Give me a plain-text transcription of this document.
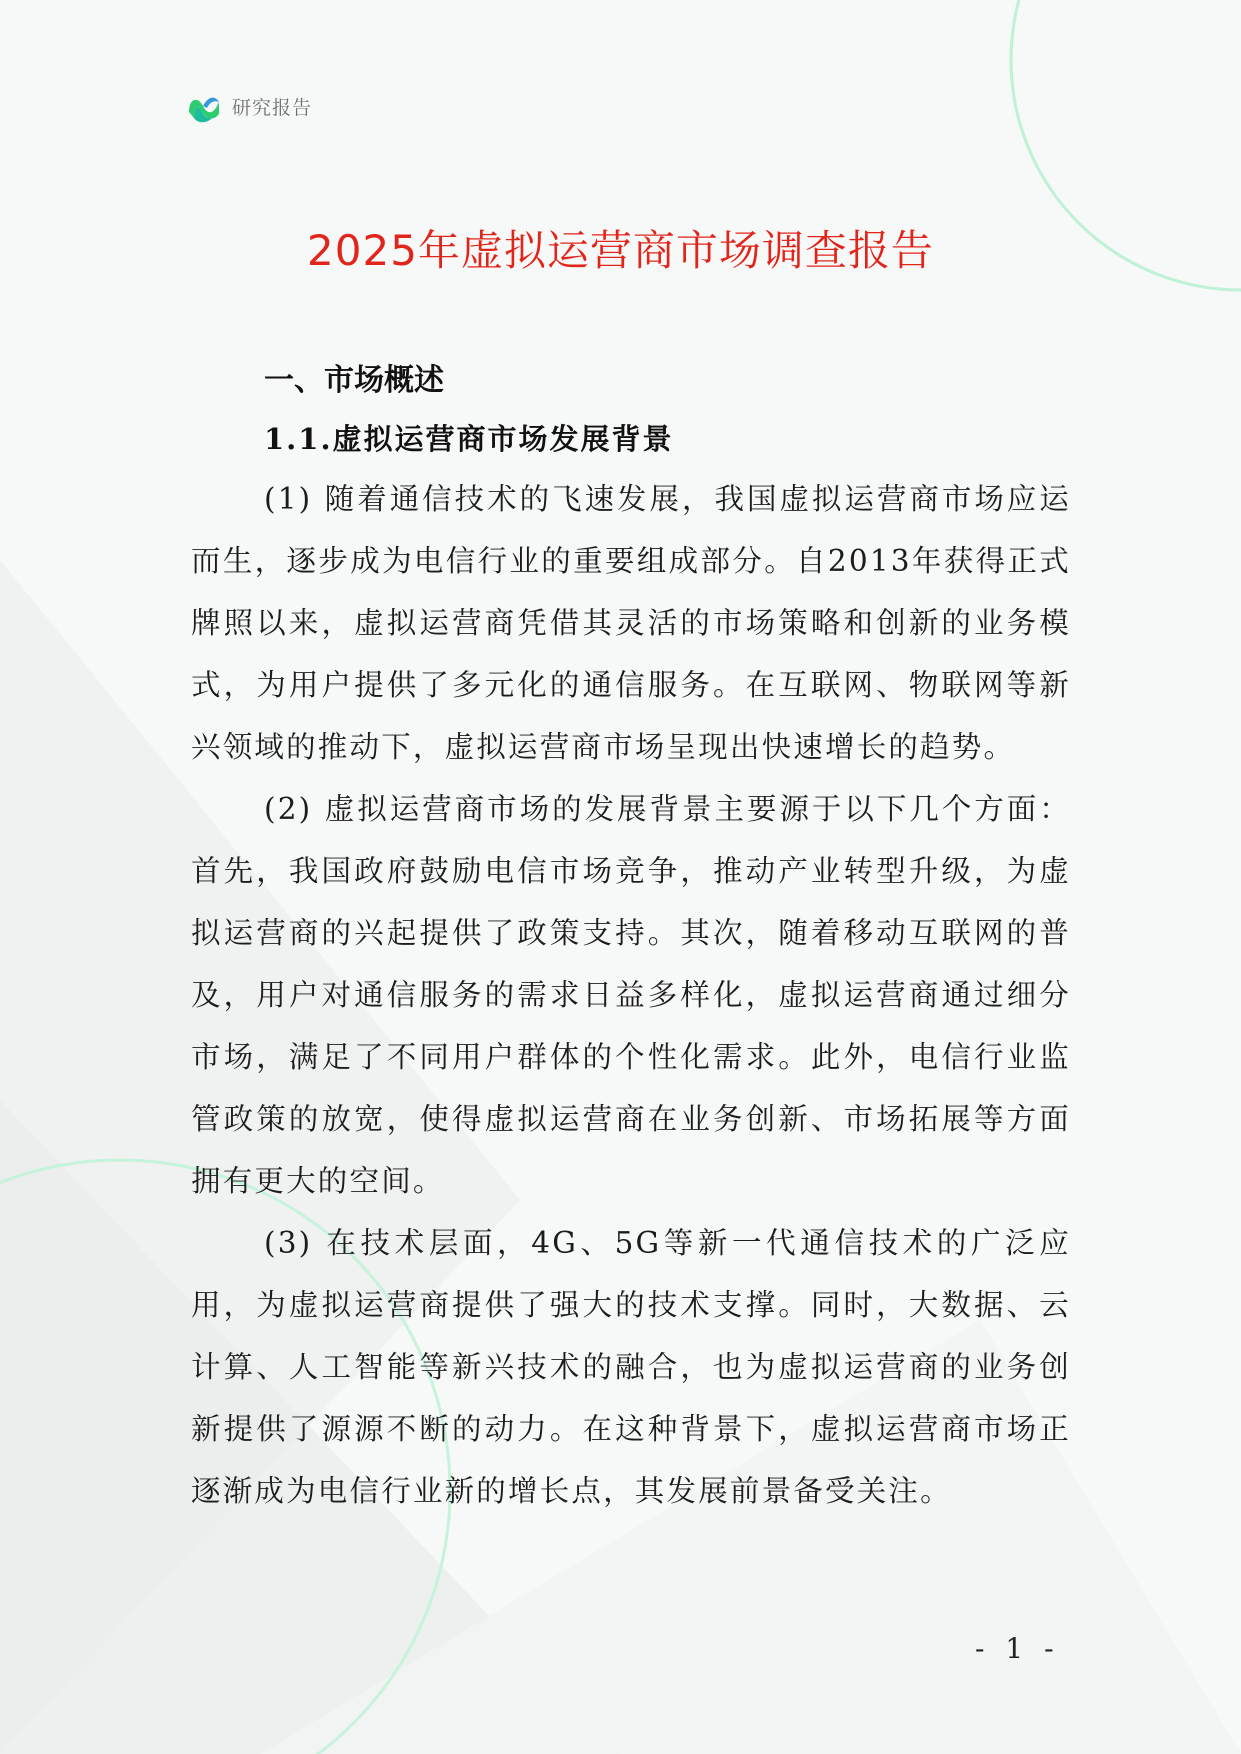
研究报告
2025年虚拟运营商市场调查报告
一、市场概述
1.1.虚拟运营商市场发展背景

(1) 随着通信技术的飞速发展，我国虚拟运营商市场应运而生，逐步成为电信行业的重要组成部分。自2013年获得正式牌照以来，虚拟运营商凭借其灵活的市场策略和创新的业务模式，为用户提供了多元化的通信服务。在互联网、物联网等新兴领域的推动下，虚拟运营商市场呈现出快速增长的趋势。

(2) 虚拟运营商市场的发展背景主要源于以下几个方面：首先，我国政府鼓励电信市场竞争，推动产业转型升级，为虚拟运营商的兴起提供了政策支持。其次，随着移动互联网的普及，用户对通信服务的需求日益多样化，虚拟运营商通过细分市场，满足了不同用户群体的个性化需求。此外，电信行业监管政策的放宽，使得虚拟运营商在业务创新、市场拓展等方面拥有更大的空间。

(3) 在技术层面，4G、5G等新一代通信技术的广泛应用，为虚拟运营商提供了强大的技术支撑。同时，大数据、云计算、人工智能等新兴技术的融合，也为虚拟运营商的业务创新提供了源源不断的动力。在这种背景下，虚拟运营商市场正逐渐成为电信行业新的增长点，其发展前景备受关注。

- 1 -
